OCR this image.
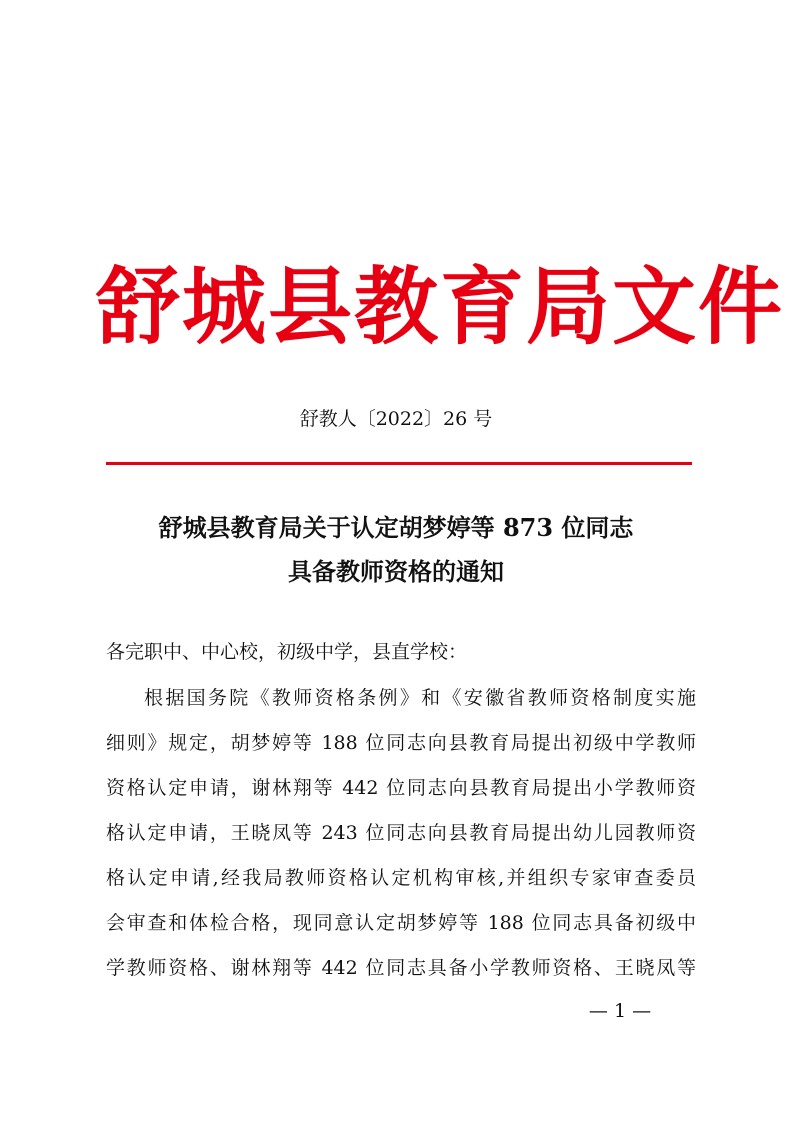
舒城县教育局文件
舒教人〔2022〕26 号
舒城县教育局关于认定胡梦婷等 873 位同志
具备教师资格的通知
各完职中、中心校，初级中学，县直学校：
根据国务院《教师资格条例》和《安徽省教师资格制度实施
细则》规定，胡梦婷等 188 位同志向县教育局提出初级中学教师
资格认定申请，谢林翔等 442 位同志向县教育局提出小学教师资
格认定申请，王晓凤等 243 位同志向县教育局提出幼儿园教师资
格认定申请,经我局教师资格认定机构审核,并组织专家审查委员
会审查和体检合格，现同意认定胡梦婷等 188 位同志具备初级中
学教师资格、谢林翔等 442 位同志具备小学教师资格、王晓凤等
— 1 —
